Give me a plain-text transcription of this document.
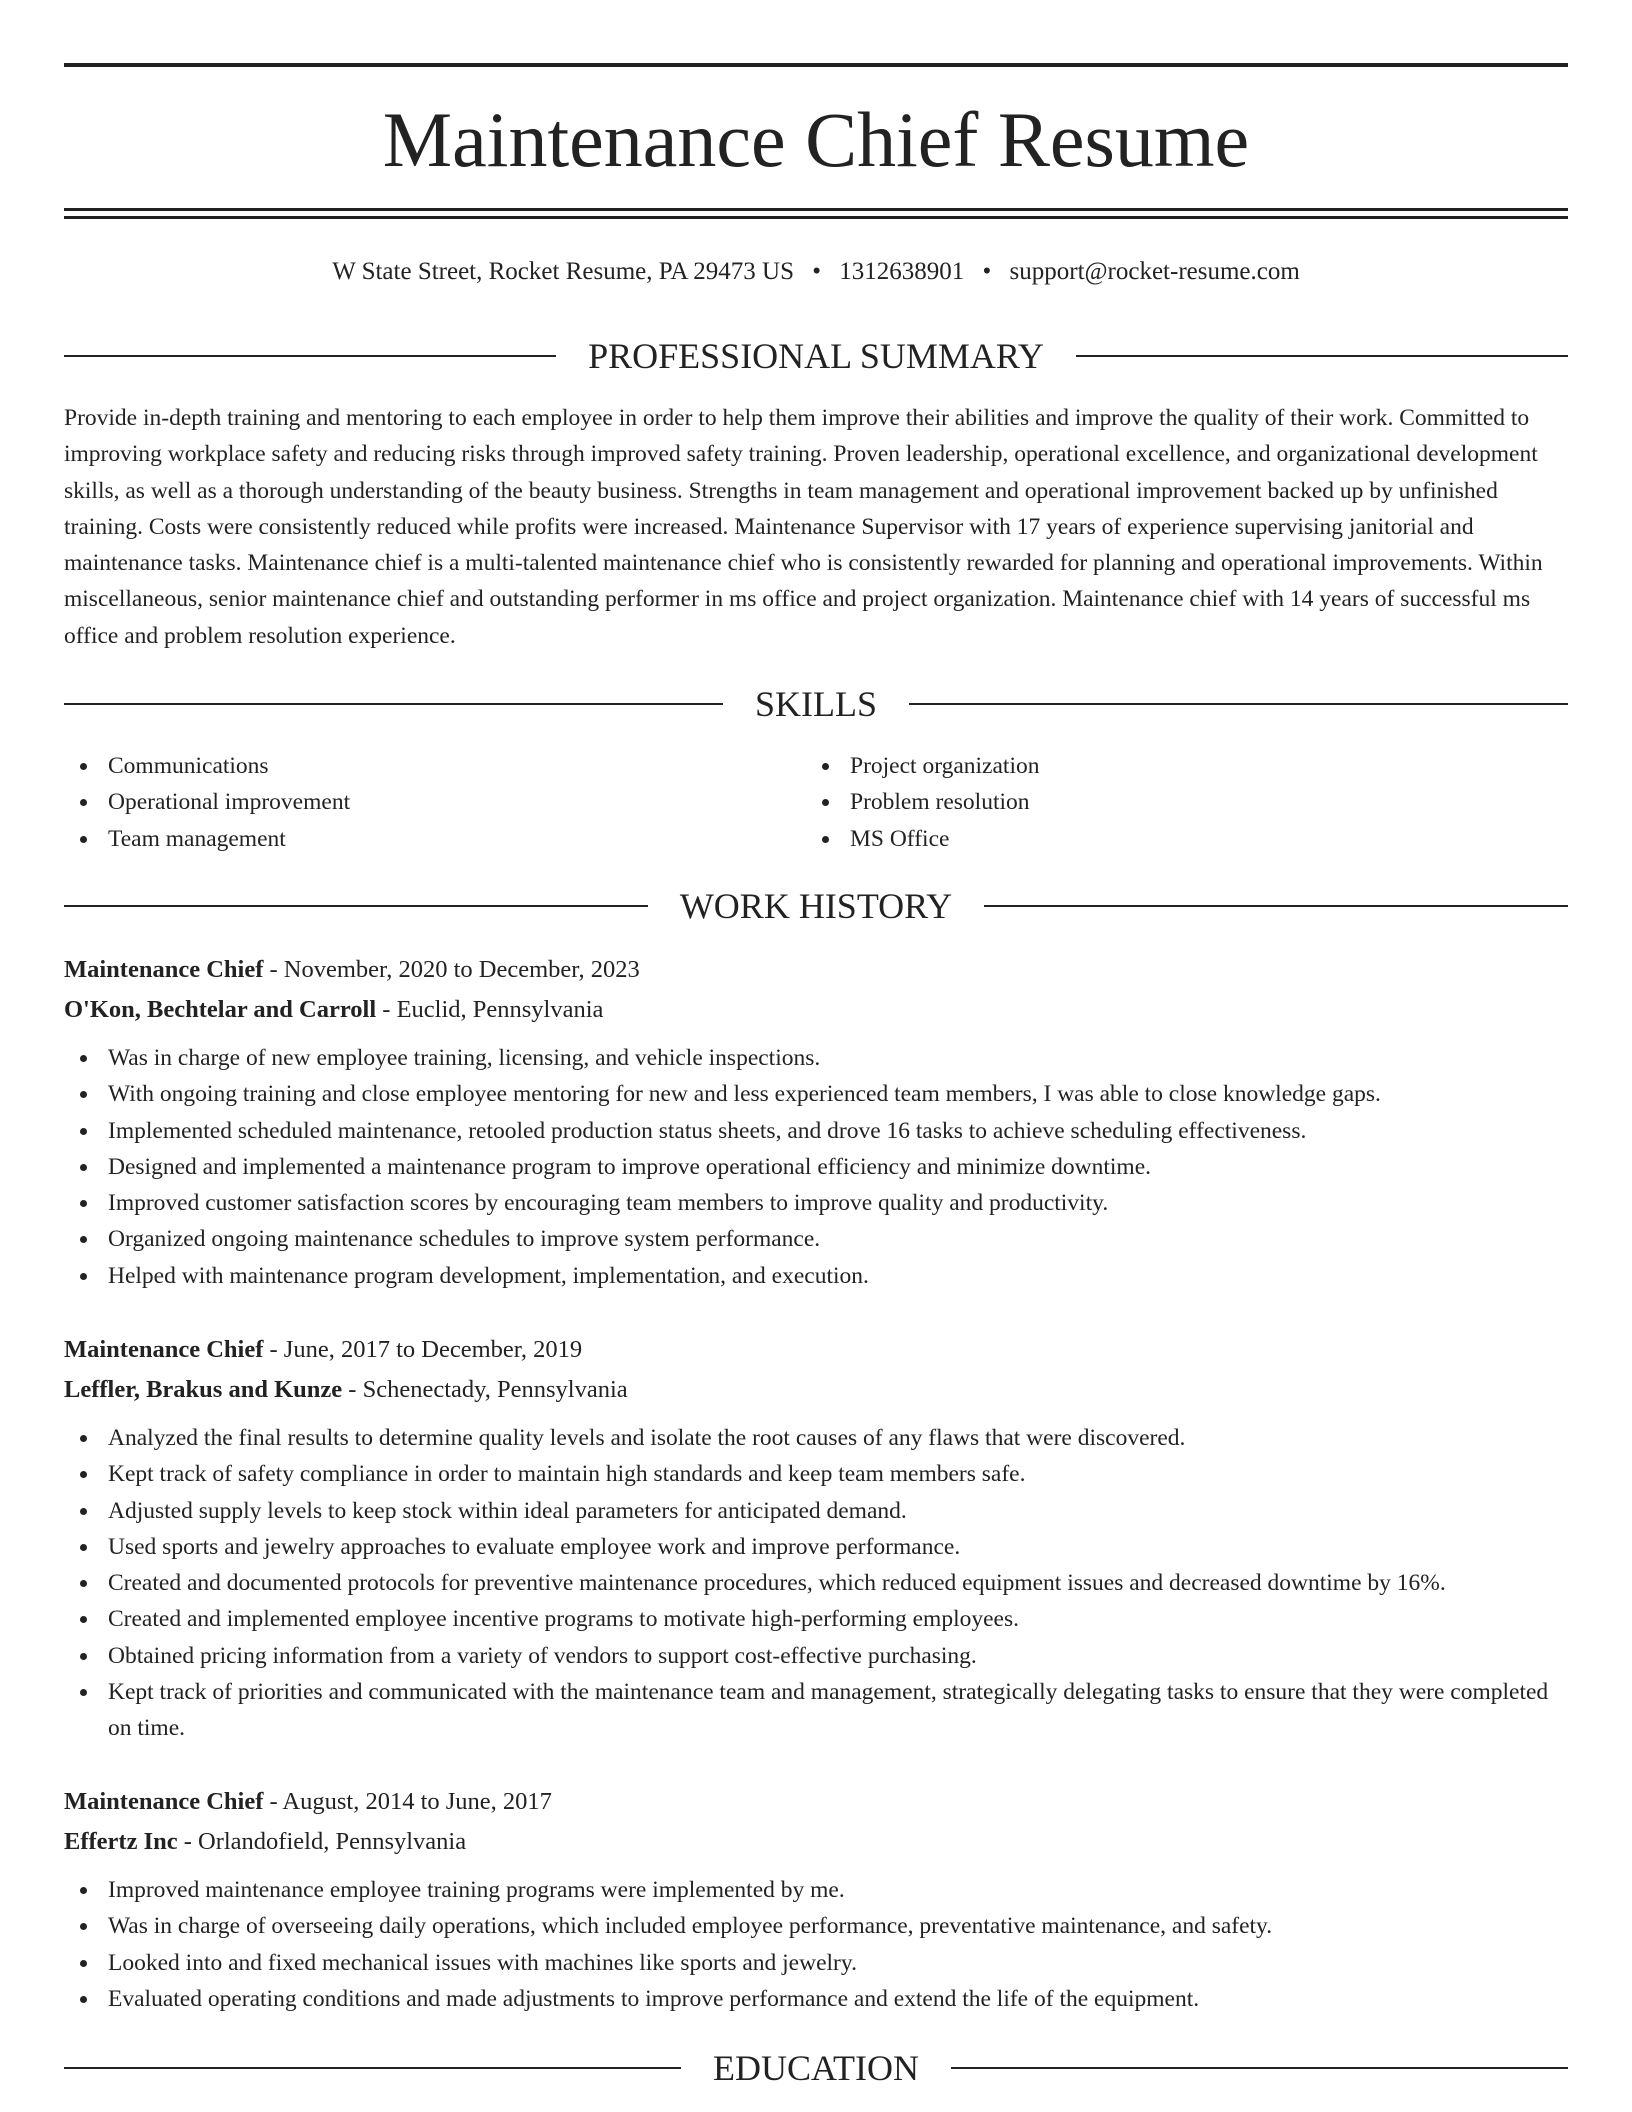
Maintenance Chief Resume
W State Street, Rocket Resume, PA 29473 US • 1312638901 • support@rocket-resume.com
PROFESSIONAL SUMMARY

Provide in-depth training and mentoring to each employee in order to help them improve their abilities and improve the quality of their work. Committed to improving workplace safety and reducing risks through improved safety training. Proven leadership, operational excellence, and organizational development skills, as well as a thorough understanding of the beauty business. Strengths in team management and operational improvement backed up by unfinished training. Costs were consistently reduced while profits were increased. Maintenance Supervisor with 17 years of experience supervising janitorial and maintenance tasks. Maintenance chief is a multi-talented maintenance chief who is consistently rewarded for planning and operational improvements. Within miscellaneous, senior maintenance chief and outstanding performer in ms office and project organization. Maintenance chief with 14 years of successful ms office and problem resolution experience.

SKILLS
Communications
Operational improvement
Team management
Project organization
Problem resolution
MS Office
WORK HISTORY
Maintenance Chief - November, 2020 to December, 2023
O'Kon, Bechtelar and Carroll - Euclid, Pennsylvania
Was in charge of new employee training, licensing, and vehicle inspections.
With ongoing training and close employee mentoring for new and less experienced team members, I was able to close knowledge gaps.
Implemented scheduled maintenance, retooled production status sheets, and drove 16 tasks to achieve scheduling effectiveness.
Designed and implemented a maintenance program to improve operational efficiency and minimize downtime.
Improved customer satisfaction scores by encouraging team members to improve quality and productivity.
Organized ongoing maintenance schedules to improve system performance.
Helped with maintenance program development, implementation, and execution.
Maintenance Chief - June, 2017 to December, 2019
Leffler, Brakus and Kunze - Schenectady, Pennsylvania
Analyzed the final results to determine quality levels and isolate the root causes of any flaws that were discovered.
Kept track of safety compliance in order to maintain high standards and keep team members safe.
Adjusted supply levels to keep stock within ideal parameters for anticipated demand.
Used sports and jewelry approaches to evaluate employee work and improve performance.
Created and documented protocols for preventive maintenance procedures, which reduced equipment issues and decreased downtime by 16%.
Created and implemented employee incentive programs to motivate high-performing employees.
Obtained pricing information from a variety of vendors to support cost-effective purchasing.
Kept track of priorities and communicated with the maintenance team and management, strategically delegating tasks to ensure that they were completed on time.
Maintenance Chief - August, 2014 to June, 2017
Effertz Inc - Orlandofield, Pennsylvania
Improved maintenance employee training programs were implemented by me.
Was in charge of overseeing daily operations, which included employee performance, preventative maintenance, and safety.
Looked into and fixed mechanical issues with machines like sports and jewelry.
Evaluated operating conditions and made adjustments to improve performance and extend the life of the equipment.
EDUCATION
